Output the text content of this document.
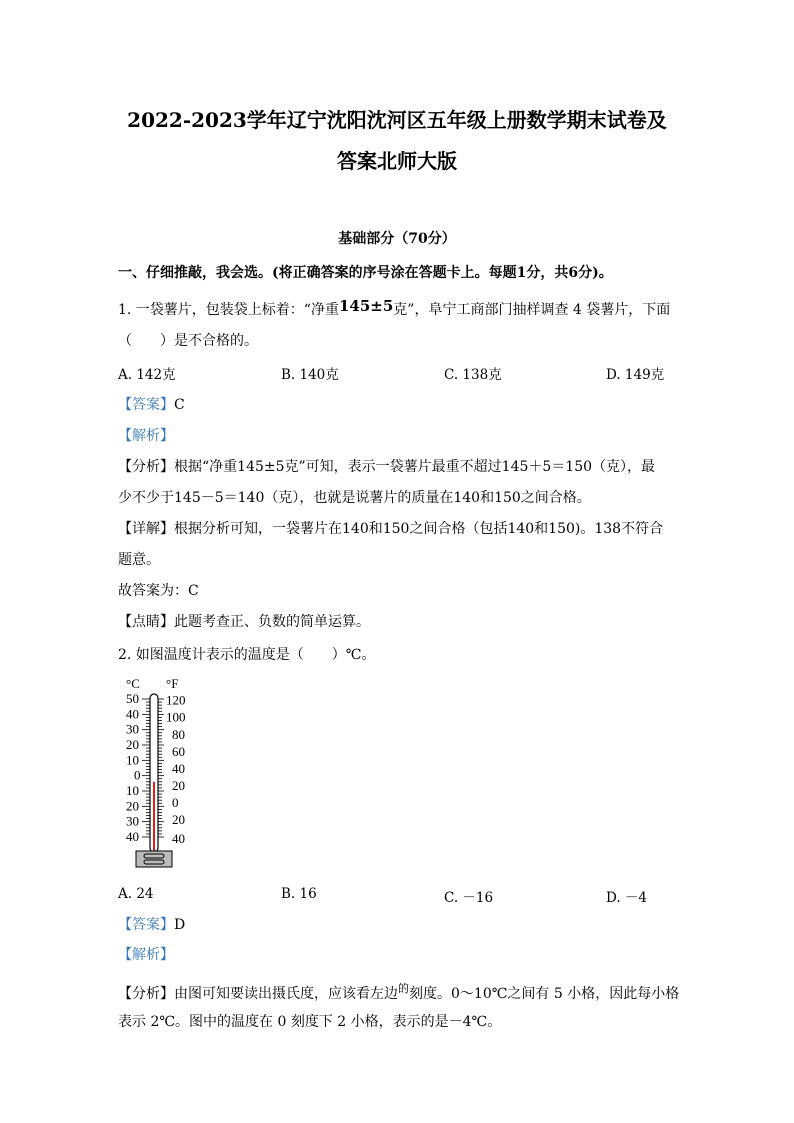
2022-2023学年辽宁沈阳沈河区五年级上册数学期末试卷及
答案北师大版
基础部分（70分）
一、仔细推敲，我会选。(将正确答案的序号涂在答题卡上。每题1分，共6分)。
1. 一袋薯片，包装袋上标着：“净重145±5克”，阜宁工商部门抽样调查 4 袋薯片，下面
（　　）是不合格的。
A. 142克	B. 140克	C. 138克	D. 149克
【答案】C
【解析】
【分析】根据“净重145±5克”可知，表示一袋薯片最重不超过145＋5＝150（克），最
少不少于145－5＝140（克），也就是说薯片的质量在140和150之间合格。
【详解】根据分析可知，一袋薯片在140和150之间合格（包括140和150)。138不符合
题意。
故答案为：C
【点睛】此题考查正、负数的简单运算。
2. 如图温度计表示的温度是（　　）℃。
°C °F
50
40
30
20
10
0
10
20
30
40
120
100
80
60
40
20
0
20
40
A. 24	B. 16	C. －16	D. －4
【答案】D
【解析】
【分析】由图可知要读出摄氏度，应该看左边$^的$刻度。0～10℃之间有 5 小格，因此每小格
表示 2℃。图中的温度在 0 刻度下 2 小格，表示的是－4℃。
